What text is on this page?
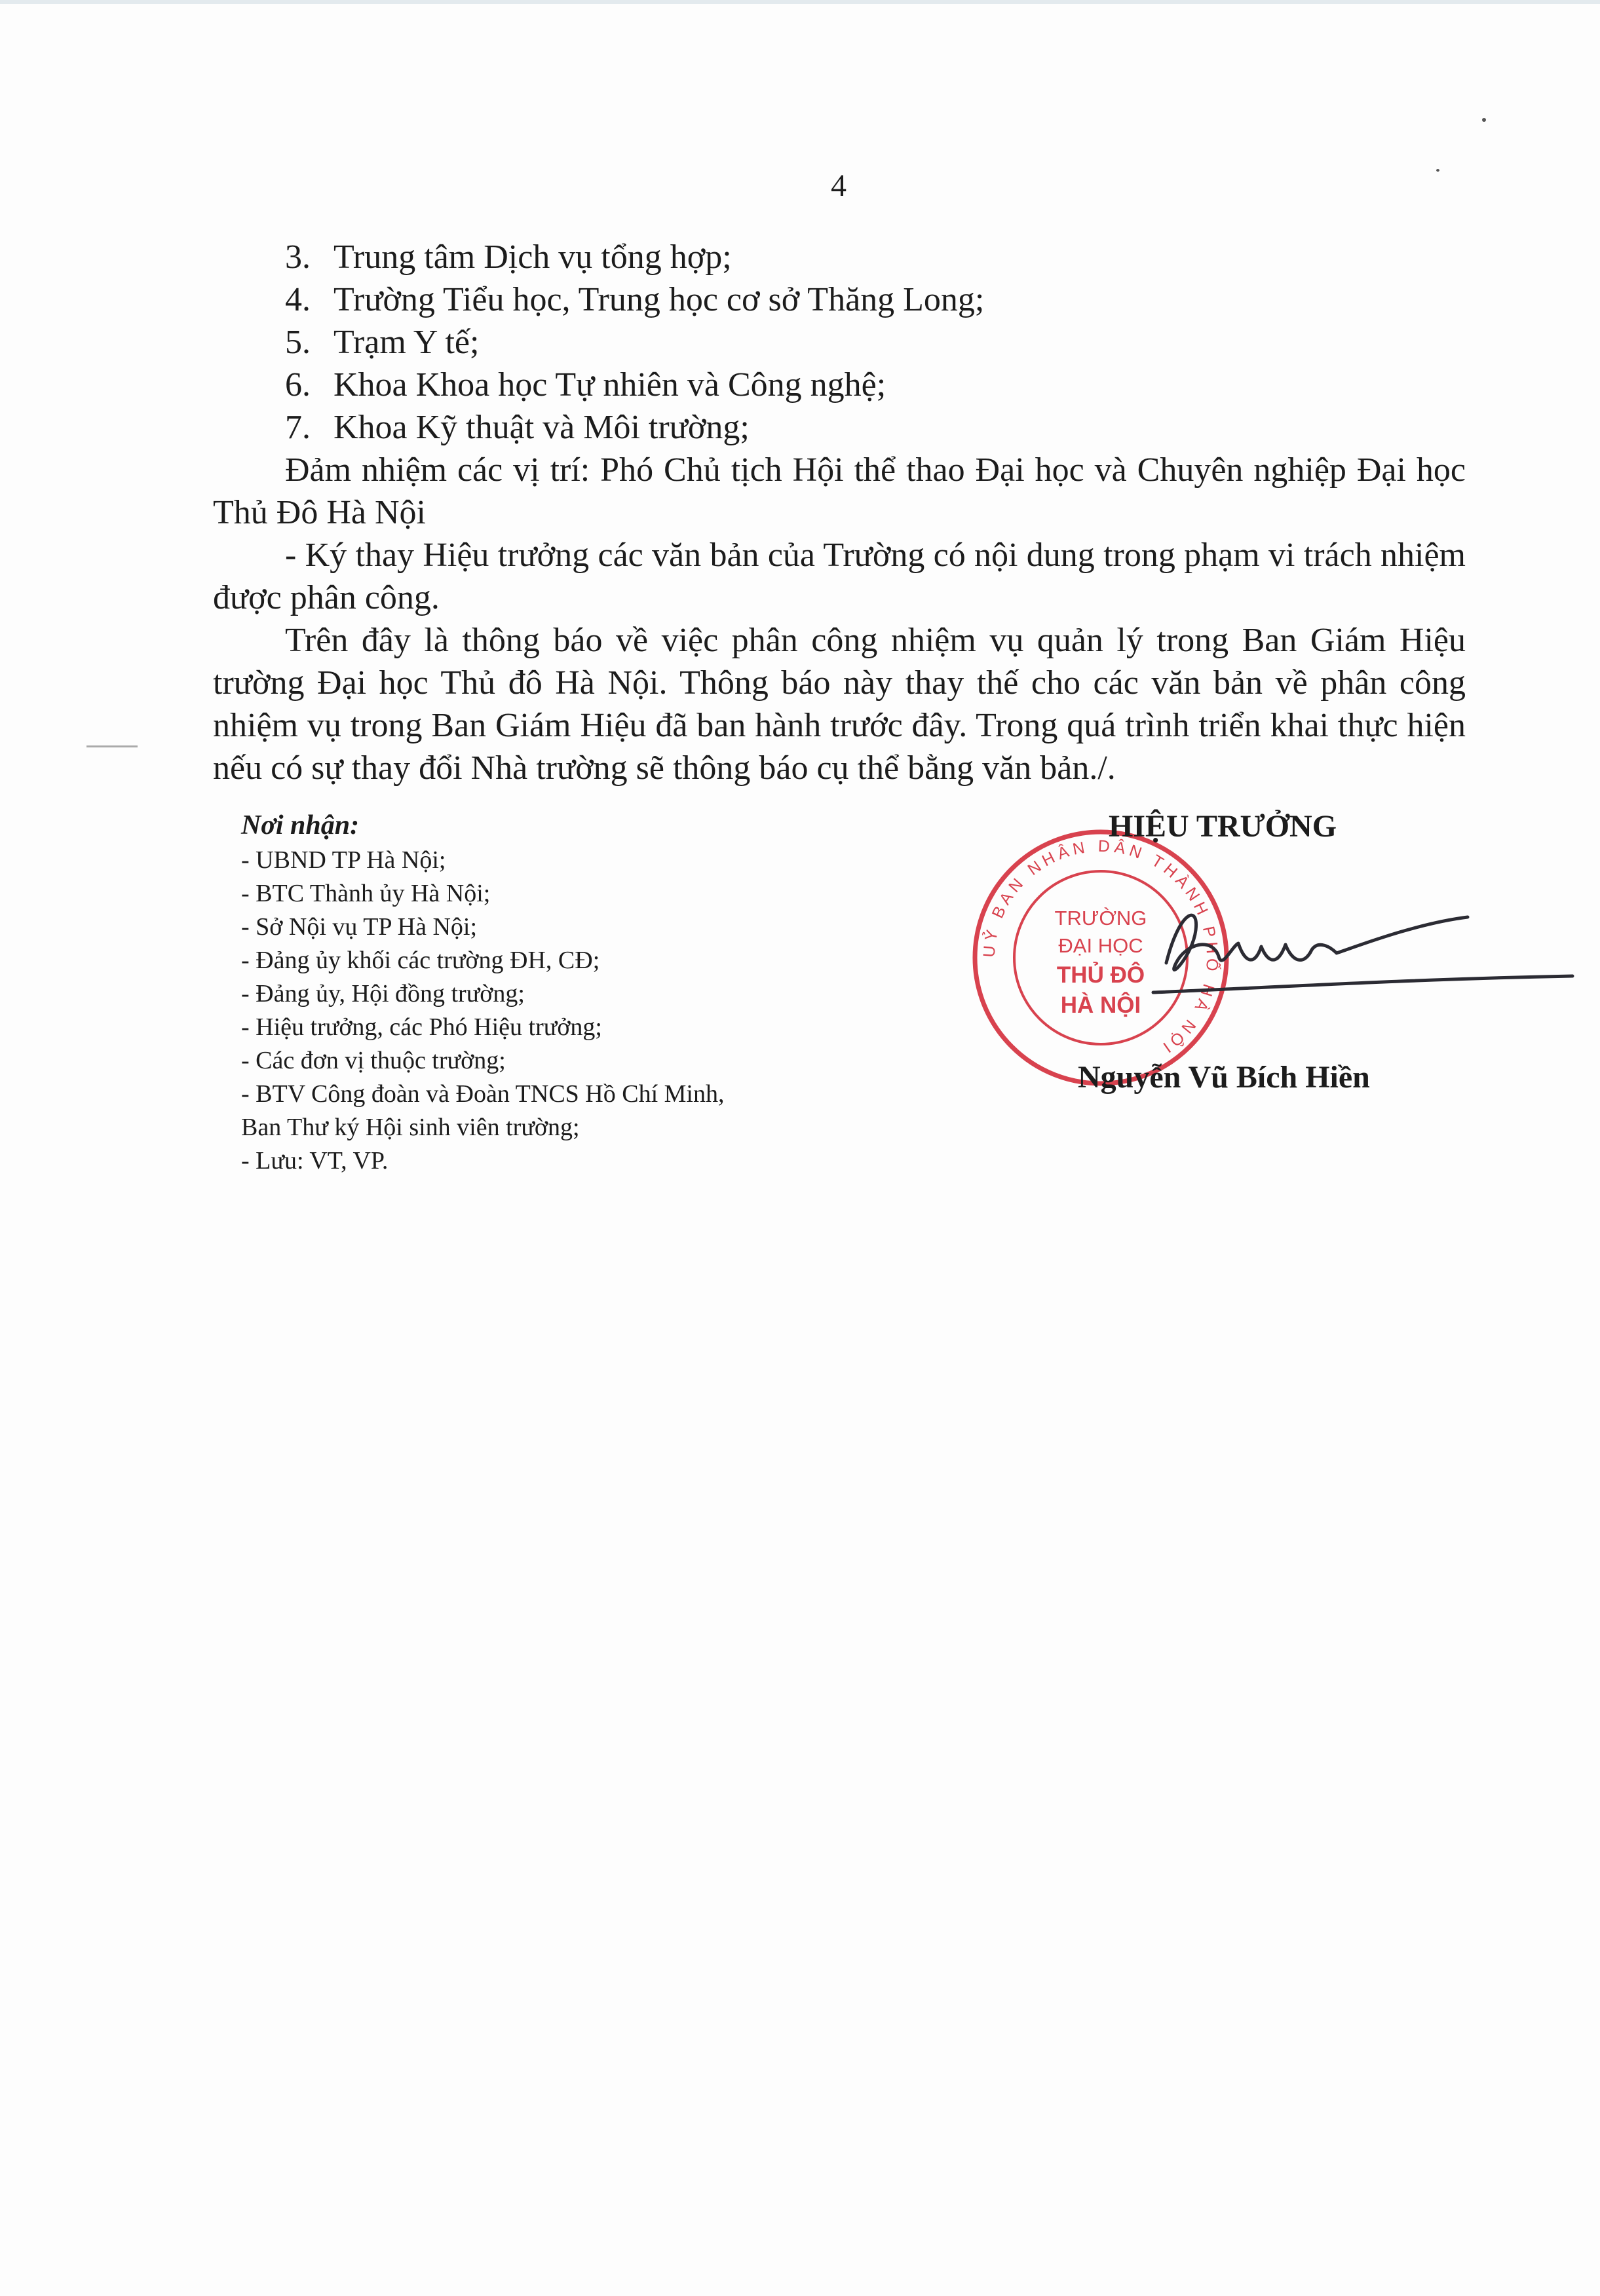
4

3. Trung tâm Dịch vụ tổng hợp;

4. Trường Tiểu học, Trung học cơ sở Thăng Long;

5. Trạm Y tế;

6. Khoa Khoa học Tự nhiên và Công nghệ;

7. Khoa Kỹ thuật và Môi trường;

Đảm nhiệm các vị trí: Phó Chủ tịch Hội thể thao Đại học và Chuyên nghiệp Đại học Thủ Đô Hà Nội

- Ký thay Hiệu trưởng các văn bản của Trường có nội dung trong phạm vi trách nhiệm được phân công.

Trên đây là thông báo về việc phân công nhiệm vụ quản lý trong Ban Giám Hiệu trường Đại học Thủ đô Hà Nội. Thông báo này thay thế cho các văn bản về phân công nhiệm vụ trong Ban Giám Hiệu đã ban hành trước đây. Trong quá trình triển khai thực hiện nếu có sự thay đổi Nhà trường sẽ thông báo cụ thể bằng văn bản./.

Nơi nhận:
- UBND TP Hà Nội;
- BTC Thành ủy Hà Nội;
- Sở Nội vụ TP Hà Nội;
- Đảng ủy khối các trường ĐH, CĐ;
- Đảng ủy, Hội đồng trường;
- Hiệu trưởng, các Phó Hiệu trưởng;
- Các đơn vị thuộc trường;
- BTV Công đoàn và Đoàn TNCS Hồ Chí Minh,
Ban Thư ký Hội sinh viên trường;
- Lưu: VT, VP.
UỶ BAN NHÂN DÂN THÀNH PHỐ HÀ NỘI
TRƯỜNG
ĐẠI HỌC
THỦ ĐÔ
HÀ NỘI
HIỆU TRƯỞNG
Nguyễn Vũ Bích Hiền
